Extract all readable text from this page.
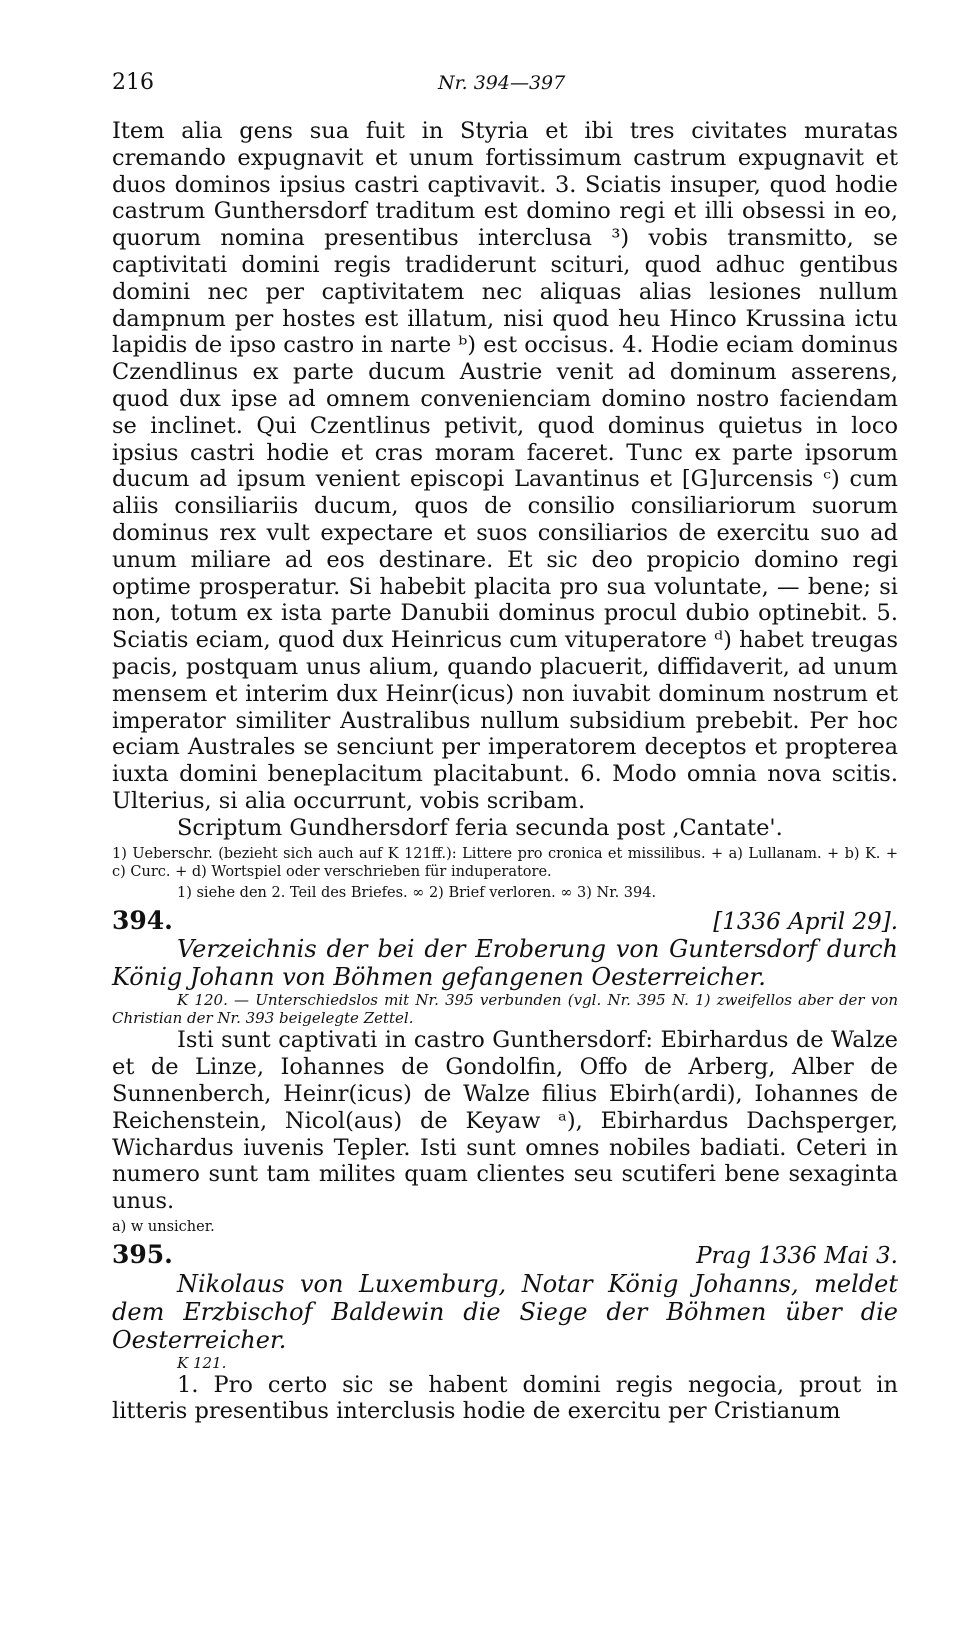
216	Nr. 394—397

Item alia gens sua fuit in Styria et ibi tres civitates muratas cremando expugnavit et unum fortissimum castrum expugnavit et duos dominos ipsius castri captivavit. 3. Sciatis insuper, quod hodie castrum Gunthersdorf traditum est domino regi et illi obsessi in eo, quorum nomina presentibus interclusa ³) vobis transmitto, se captivitati domini regis tradiderunt scituri, quod adhuc gentibus domini nec per captivitatem nec aliquas alias lesiones nullum dampnum per hostes est illatum, nisi quod heu Hinco Krussina ictu lapidis de ipso castro in narte ᵇ) est occisus. 4. Hodie eciam dominus Czendlinus ex parte ducum Austrie venit ad dominum asserens, quod dux ipse ad omnem convenienciam domino nostro faciendam se inclinet. Qui Czentlinus petivit, quod dominus quietus in loco ipsius castri hodie et cras moram faceret. Tunc ex parte ipsorum ducum ad ipsum venient episcopi Lavantinus et [G]urcensis ᶜ) cum aliis consiliariis ducum, quos de consilio consiliariorum suorum dominus rex vult expectare et suos consiliarios de exercitu suo ad unum miliare ad eos destinare. Et sic deo propicio domino regi optime prosperatur. Si habebit placita pro sua voluntate, — bene; si non, totum ex ista parte Danubii dominus procul dubio optinebit. 5. Sciatis eciam, quod dux Heinricus cum vituperatore ᵈ) habet treugas pacis, postquam unus alium, quando placuerit, diffidaverit, ad unum mensem et interim dux Heinr(icus) non iuvabit dominum nostrum et imperator similiter Australibus nullum subsidium prebebit. Per hoc eciam Australes se senciunt per imperatorem deceptos et propterea iuxta domini beneplacitum placitabunt. 6. Modo omnia nova scitis. Ulterius, si alia occurrunt, vobis scribam.

Scriptum Gundhersdorf feria secunda post ‚Cantate'.

1) Ueberschr. (bezieht sich auch auf K 121ff.): Littere pro cronica et missilibus. + a) Lullanam. + b) K. + c) Curc. + d) Wortspiel oder verschrieben für induperatore.

1) siehe den 2. Teil des Briefes. ∞ 2) Brief verloren. ∞ 3) Nr. 394.

394.	[1336 April 29].

Verzeichnis der bei der Eroberung von Guntersdorf durch König Johann von Böhmen gefangenen Oesterreicher.

K 120. — Unterschiedslos mit Nr. 395 verbunden (vgl. Nr. 395 N. 1) zweifellos aber der von Christian der Nr. 393 beigelegte Zettel.

Isti sunt captivati in castro Gunthersdorf: Ebirhardus de Walze et de Linze, Iohannes de Gondolfin, Offo de Arberg, Alber de Sunnenberch, Heinr(icus) de Walze filius Ebirh(ardi), Iohannes de Reichenstein, Nicol(aus) de Keyaw ᵃ), Ebirhardus Dachsperger, Wichardus iuvenis Tepler. Isti sunt omnes nobiles badiati. Ceteri in numero sunt tam milites quam clientes seu scutiferi bene sexaginta unus.

a) w unsicher.

395.	Prag 1336 Mai 3.

Nikolaus von Luxemburg, Notar König Johanns, meldet dem Erzbischof Baldewin die Siege der Böhmen über die Oesterreicher.

K 121.

1. Pro certo sic se habent domini regis negocia, prout in litteris presentibus interclusis hodie de exercitu per Cristianum
